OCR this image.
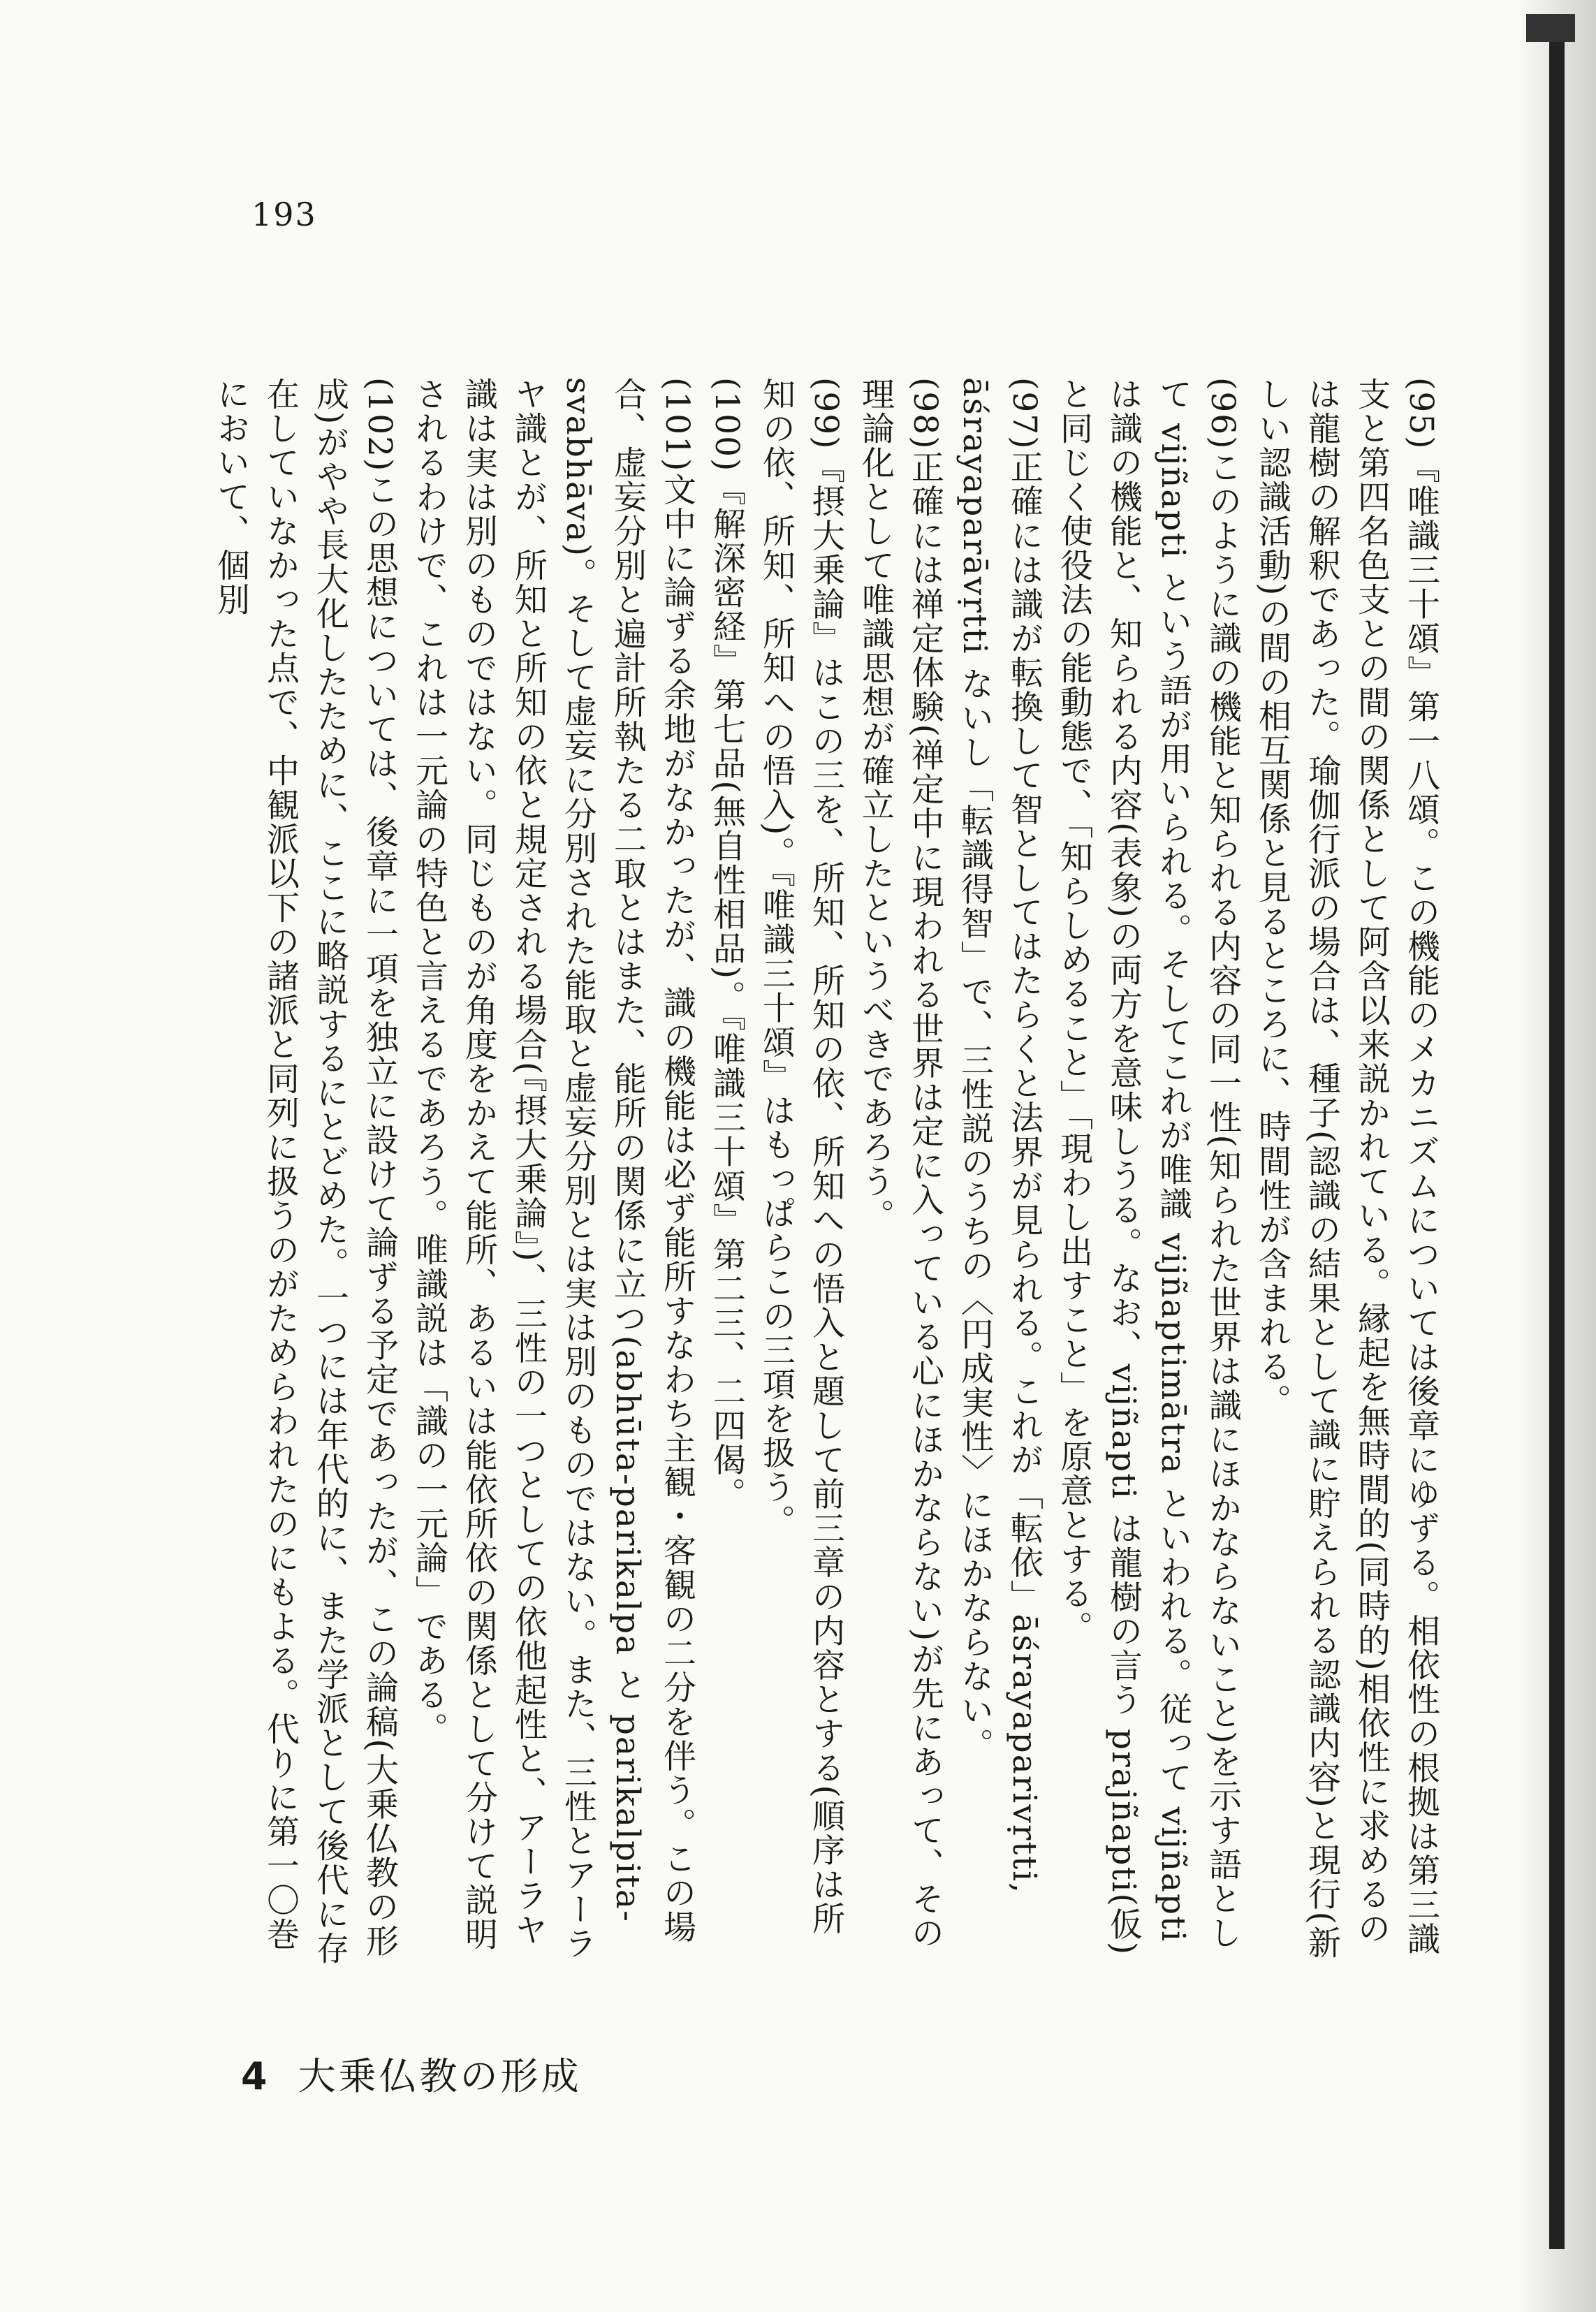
193

(95)『唯識三十頌』第一八頌。この機能のメカニズムについては後章にゆずる。相依性の根拠は第三識支と第四名色支との間の関係として阿含以来説かれている。縁起を無時間的(同時的)相依性に求めるのは龍樹の解釈であった。瑜伽行派の場合は、種子(認識の結果として識に貯えられる認識内容)と現行(新しい認識活動)の間の相互関係と見るところに、時間性が含まれる。

(96)このように識の機能と知られる内容の同一性(知られた世界は識にほかならないこと)を示す語として vijñapti という語が用いられる。そしてこれが唯識 vijñaptimātra といわれる。従って vijñapti は識の機能と、知られる内容(表象)の両方を意味しうる。なお、vijñapti は龍樹の言う prajñapti(仮)と同じく使役法の能動態で、「知らしめること」「現わし出すこと」を原意とする。

(97)正確には識が転換して智としてはたらくと法界が見られる。これが「転依」āśrayaparivṛtti, āśrayaparāvṛtti ないし「転識得智」で、三性説のうちの〈円成実性〉にほかならない。

(98)正確には禅定体験(禅定中に現われる世界は定に入っている心にほかならない)が先にあって、その理論化として唯識思想が確立したというべきであろう。

(99)『摂大乗論』はこの三を、所知、所知の依、所知への悟入と題して前三章の内容とする(順序は所知の依、所知、所知への悟入)。『唯識三十頌』はもっぱらこの三項を扱う。

(100)『解深密経』第七品(無自性相品)。『唯識三十頌』第二三、二四偈。

(101)文中に論ずる余地がなかったが、識の機能は必ず能所すなわち主観・客観の二分を伴う。この場合、虚妄分別と遍計所執たる二取とはまた、能所の関係に立つ(abhūta-parikalpa と parikalpita-svabhāva)。そして虚妄に分別された能取と虚妄分別とは実は別のものではない。また、三性とアーラヤ識とが、所知と所知の依と規定される場合(『摂大乗論』)、三性の一つとしての依他起性と、アーラヤ識は実は別のものではない。同じものが角度をかえて能所、あるいは能依所依の関係として分けて説明されるわけで、これは一元論の特色と言えるであろう。唯識説は「識の一元論」である。

(102)この思想については、後章に一項を独立に設けて論ずる予定であったが、この論稿(大乗仏教の形成)がやや長大化したために、ここに略説するにとどめた。一つには年代的に、また学派として後代に存在していなかった点で、中観派以下の諸派と同列に扱うのがためらわれたのにもよる。代りに第一〇巻において、個別

4 大乗仏教の形成
